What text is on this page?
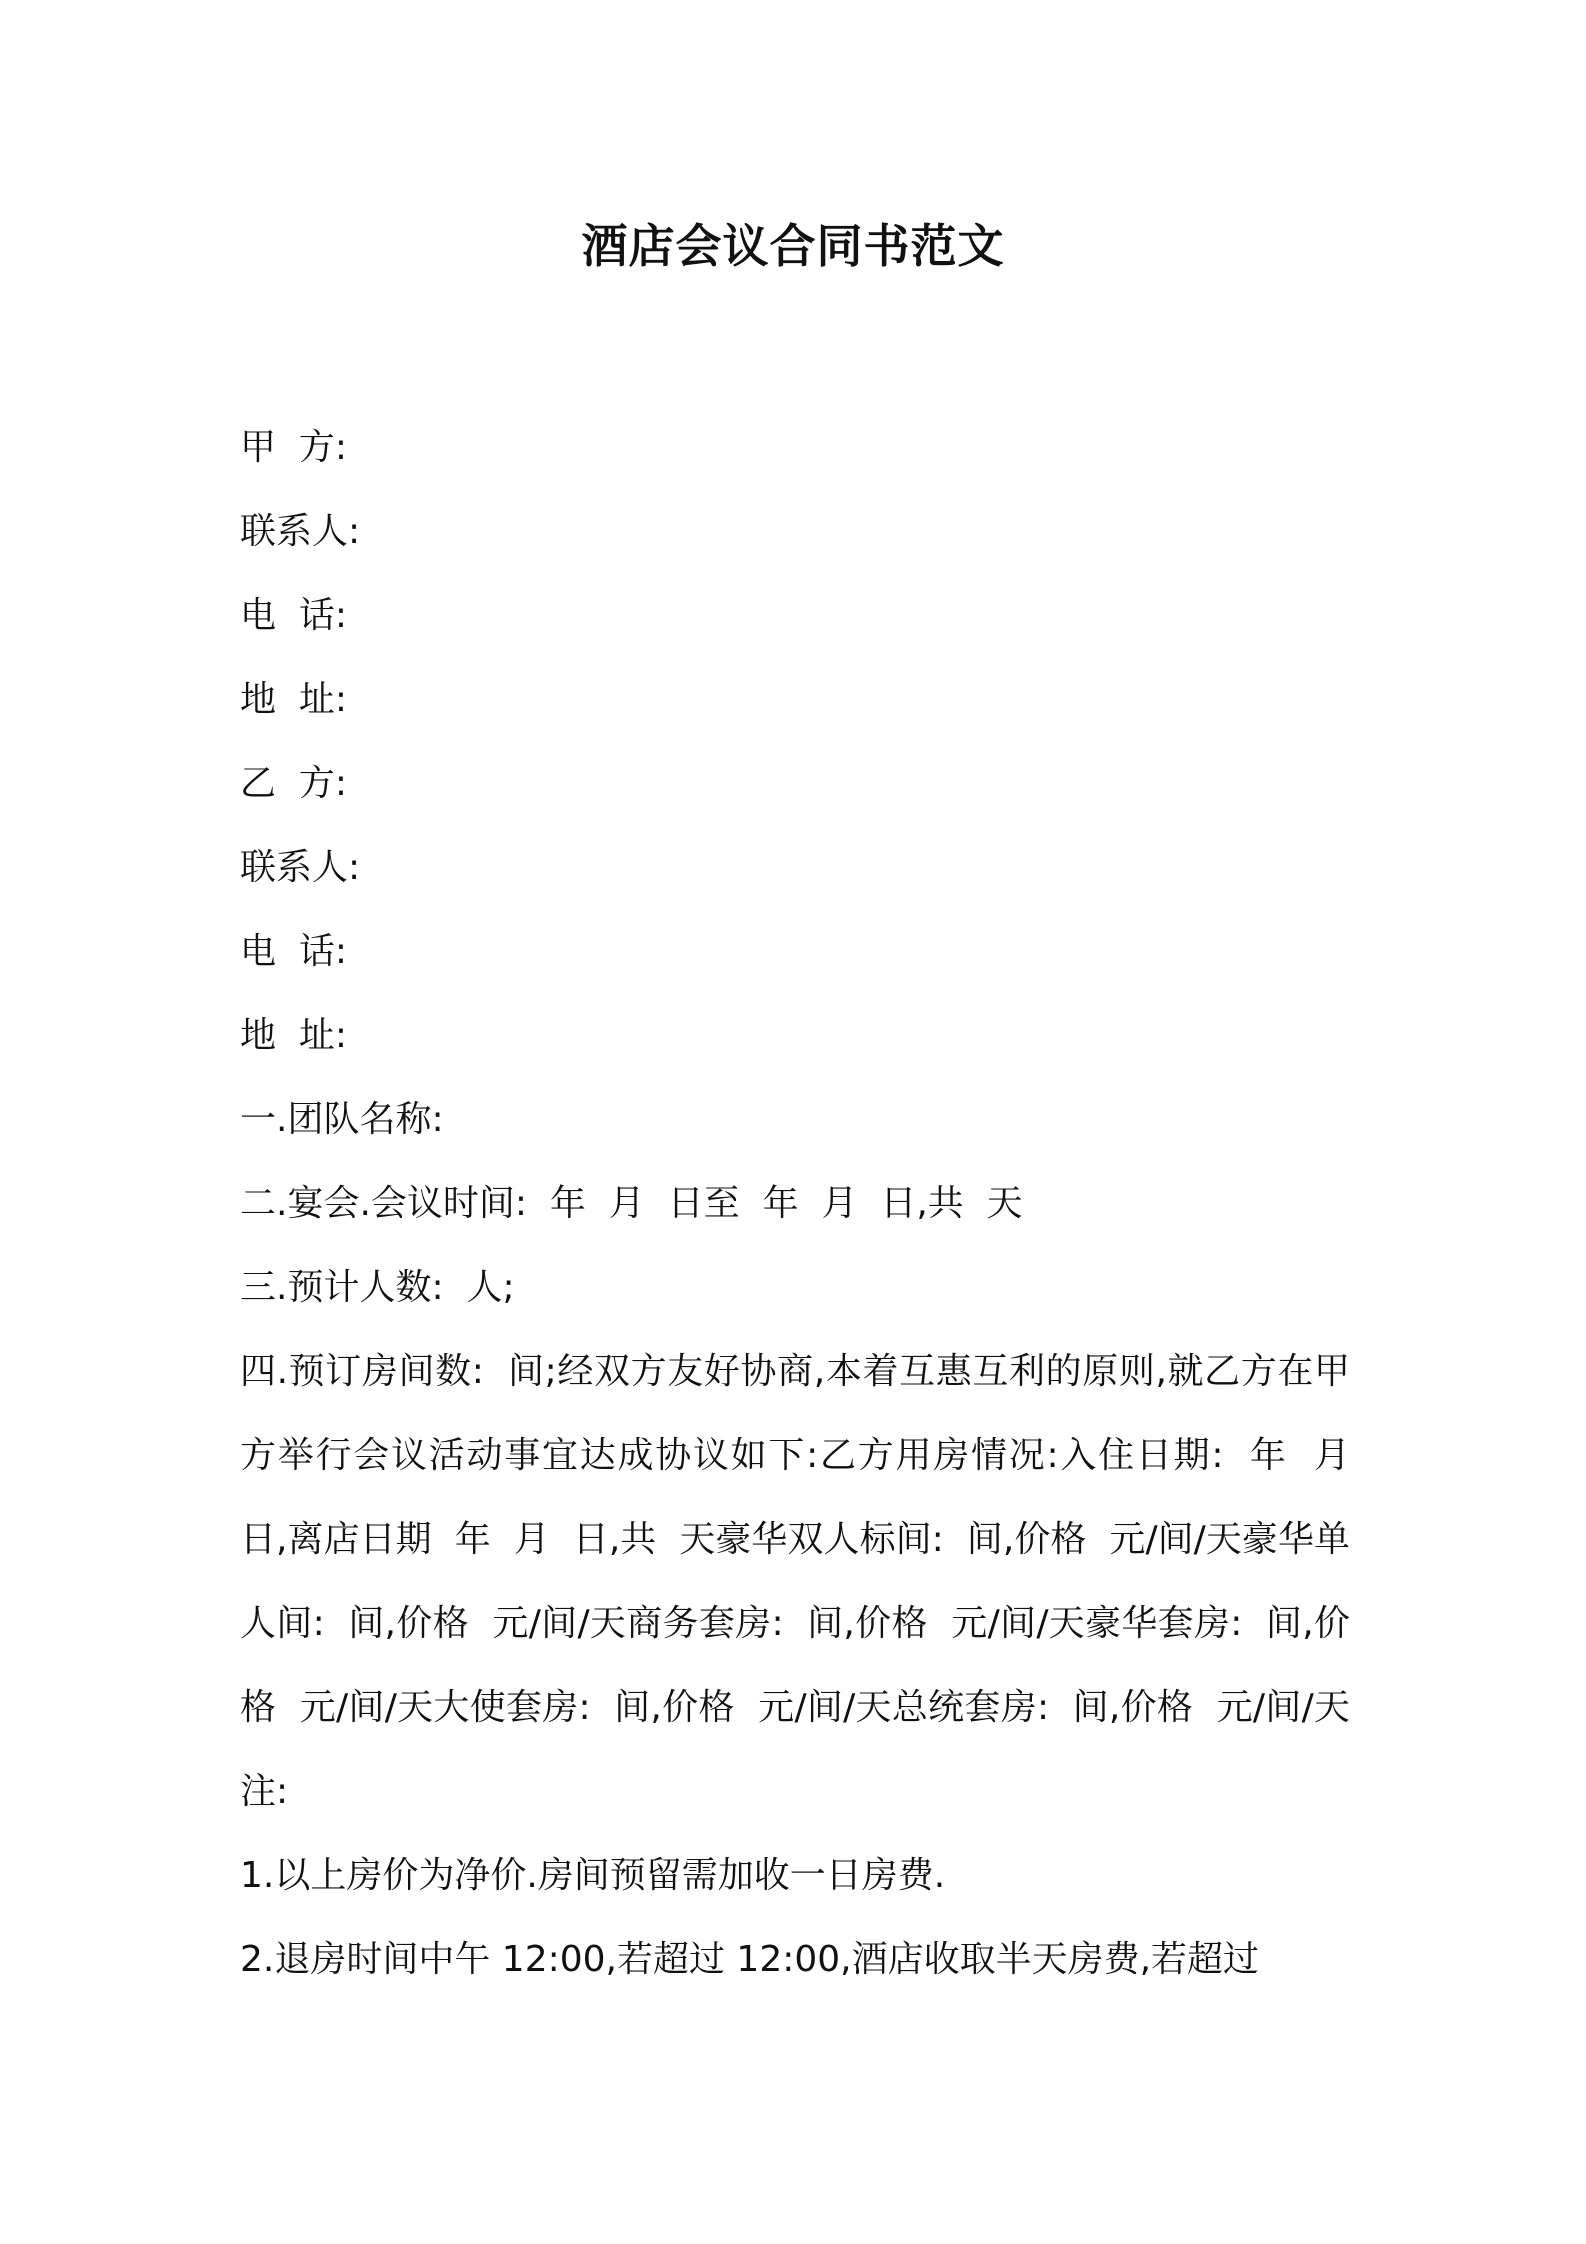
酒店会议合同书范文
甲  方:
联系人:
电  话:
地  址:
乙  方:
联系人:
电  话:
地  址:
一.团队名称:
二.宴会.会议时间:  年  月  日至  年  月  日,共  天
三.预计人数:  人;
四.预订房间数:  间;经双方友好协商,本着互惠互利的原则,就乙方在甲方举行会议活动事宜达成协议如下:乙方用房情况:入住日期:  年  月  日,离店日期  年  月  日,共  天豪华双人标间:  间,价格  元/间/天豪华单人间:  间,价格  元/间/天商务套房:  间,价格  元/间/天豪华套房:  间,价格  元/间/天大使套房:  间,价格  元/间/天总统套房:  间,价格  元/间/天注:
1.以上房价为净价.房间预留需加收一日房费.
2.退房时间中午 12:00,若超过 12:00,酒店收取半天房费,若超过
